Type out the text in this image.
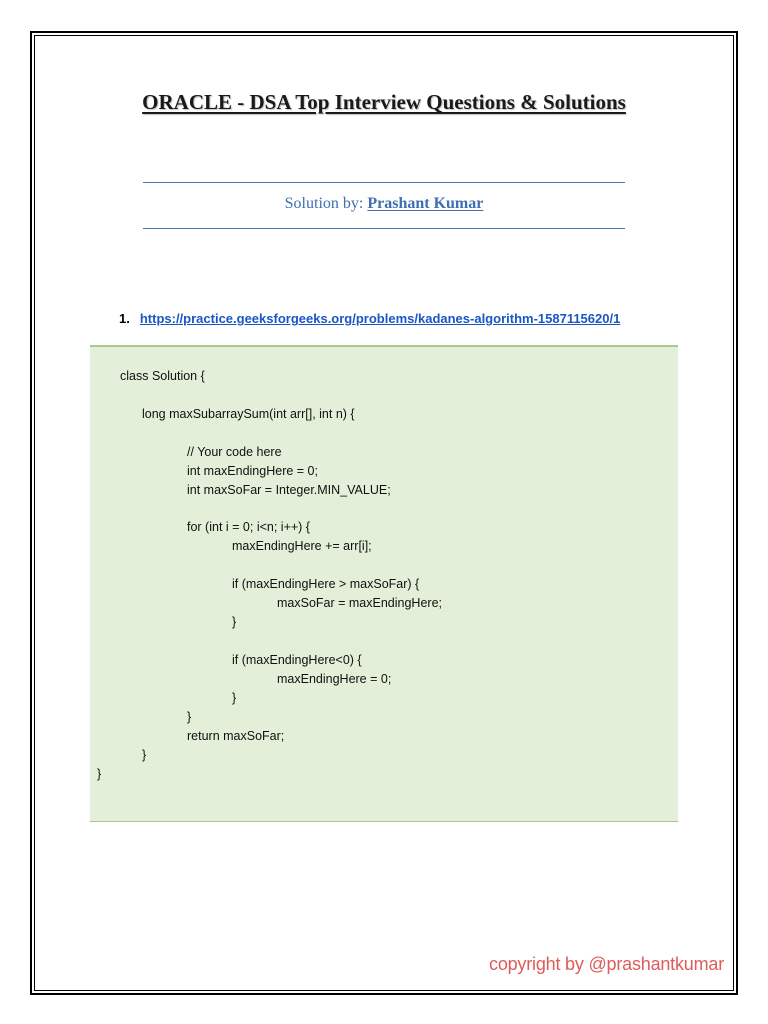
ORACLE - DSA Top Interview Questions & Solutions
Solution by: Prashant Kumar
1. https://practice.geeksforgeeks.org/problems/kadanes-algorithm-1587115620/1
class Solution {
long maxSubarraySum(int arr[], int n) {
// Your code here
int maxEndingHere = 0;
int maxSoFar = Integer.MIN_VALUE;
for (int i = 0; i<n; i++) {
maxEndingHere += arr[i];
if (maxEndingHere > maxSoFar) {
maxSoFar = maxEndingHere;
}
if (maxEndingHere<0) {
maxEndingHere = 0;
}
}
return maxSoFar;
}
}
copyright by @prashantkumar
